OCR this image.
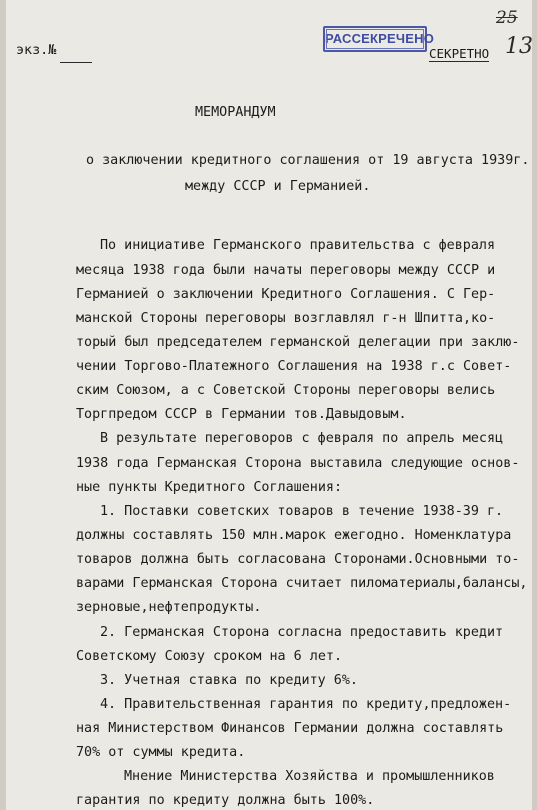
экз.№
РАССЕКРЕЧЕНО
СЕКРЕТНО
25
13
МЕМОРАНДУМ
о заключении кредитного соглашения от 19 августа 1939г.
между СССР и Германией.
По инициативе Германского правительства с февраля
месяца 1938 года были начаты переговоры между СССР и
Германией о заключении Кредитного Соглашения. С Гер-
манской Стороны переговоры возглавлял г-н Шпитта,ко-
торый был председателем германской делегации при заклю-
чении Торгово-Платежного Соглашения на 1938 г.с Совет-
ским Союзом, а с Советской Стороны переговоры велись
Торгпредом СССР в Германии тов.Давыдовым.
В результате переговоров с февраля по апрель месяц
1938 года Германская Сторона выставила следующие основ-
ные пункты Кредитного Соглашения:
1. Поставки советских товаров в течение 1938-39 г.
должны составлять 150 млн.марок ежегодно. Номенклатура
товаров должна быть согласована Сторонами.Основными то-
варами Германская Сторона считает пиломатериалы,балансы,
зерновые,нефтепродукты.
2. Германская Сторона согласна предоставить кредит
Советскому Союзу сроком на 6 лет.
3. Учетная ставка по кредиту 6%.
4. Правительственная гарантия по кредиту,предложен-
ная Министерством Финансов Германии должна составлять
70% от суммы кредита.
Мнение Министерства Хозяйства и промышленников
гарантия по кредиту должна быть 100%.
